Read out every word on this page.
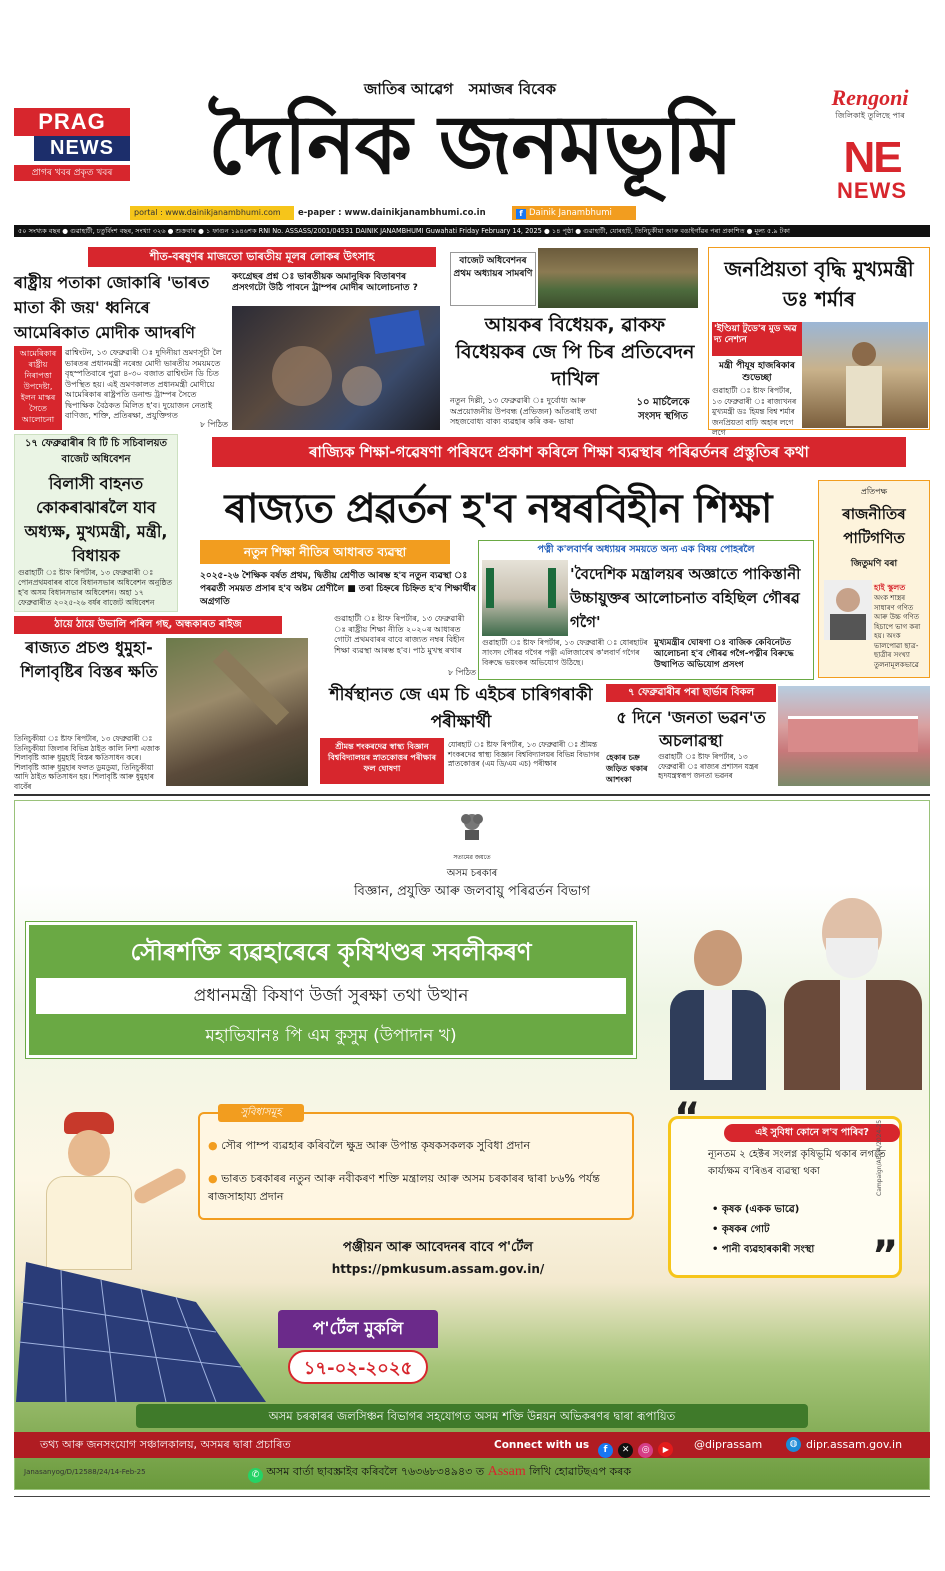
PRAG
NEWS
প্ৰাগৰ খবৰ প্ৰকৃত খবৰ
জাতিৰ আৱেগ   সমাজৰ বিবেক
দৈনিক জনমভূমি	Rengoni
জিলিকাই তুলিছে পাৰ
NE
NEWS
portal : www.dainikjanambhumi.com	e-paper : www.dainikjanambhumi.co.in	f Dainik Janambhumi
৫০ সংখ্যক বছৰ ● গুৱাহাটী, চতুৰ্বিংশ বছৰ, সংখ্যা ৩২৬ ● শুক্ৰবাৰ ● ১ ফাগুন ১৯৪৬শক RNI No. ASSASS/2001/04531 DAINIK JANAMBHUMI Guwahati Friday February 14, 2025 ● ১৪ পৃষ্ঠা ● গুৱাহাটী, যোৰহাট, তিনিচুকীয়া আৰু বঙাইগাঁৱৰ পৰা প্ৰকাশিত ● মূল্য ৫.৯ টকা
শীত-বৰষুণৰ মাজতো ভাৰতীয় মূলৰ লোকৰ উৎসাহ
ৰাষ্ট্ৰীয় পতাকা জোকাৰি 'ভাৰত মাতা কী জয়' ধ্বনিৰে আমেৰিকাত মোদীক আদৰণি
আমেৰিকাৰ ৰাষ্ট্ৰীয় নিৰাপত্তা উপদেষ্টা, ইলন মাস্কৰ সৈতে আলোচনা
ৱাশ্বিংটন, ১৩ ফেব্ৰুৱাৰী ঃ দুদিনীয়া ভ্ৰমণসূচী লৈ ভাৰতৰ প্ৰধানমন্ত্ৰী নৰেন্দ্ৰ মোদী ভাৰতীয় সময়মতে বৃহস্পতিবাৰে পুৱা ৪-৩০ বজাত ৱাশ্বিংটন ডি চিত উপস্থিত হয়। এই ভ্ৰমণকালত প্ৰধানমন্ত্ৰী মোদীয়ে আমেৰিকাৰ ৰাষ্ট্ৰপতি ডনাল্ড ট্ৰাম্পৰ সৈতে দ্বিপাক্ষিক বৈঠকত মিলিত হ'ব। দুয়োজন নেতাই বাণিজ্য, শক্তি, প্ৰতিৰক্ষা, প্ৰযুক্তিগত
৮ পিঠিত
কংগ্ৰেছৰ প্ৰশ্ন ঃ ভাৰতীয়ক অমানুষিক বিতাৰণৰ প্ৰসংগটো উঠি পাবনে ট্ৰাম্পৰ মোদীৰ আলোচনাত ?
বাজেট অধিবেশনৰ প্ৰথম অধ্যায়ৰ সামৰণি
আয়কৰ বিধেয়ক, ৱাকফ বিধেয়কৰ জে পি চিৰ প্ৰতিবেদন দাখিল
নতুন দিল্লী, ১৩ ফেব্ৰুৱাৰী ঃ দুৰ্বোধ্য আৰু অপ্ৰয়োজনীয় উপবন্ধ (প্ৰভিজন) আঁতৰাই তথা সহজবোধ্য বাক্য ব্যৱহাৰ কৰি কৰ- ভাষা
১০ মাৰ্চলৈকে সংসদ স্থগিত
জনপ্ৰিয়তা বৃদ্ধি মুখ্যমন্ত্ৰী ডঃ শৰ্মাৰ
'ইণ্ডিয়া টুডে'ৰ মুড অৱ দ্য নেশ্যন
মন্ত্ৰী পীযূষ হাজৰিকাৰ শুভেচ্ছা
গুৱাহাটী ঃ ষ্টাফ ৰিপৰ্টাৰ, ১৩ ফেব্ৰুৱাৰী ঃ ৰাজ্যখনৰ মুখ্যমন্ত্ৰী ডঃ হিমন্ত বিশ্ব শৰ্মাৰ জনপ্ৰিয়তা বাঢ়ি অহাৰ লগে লগে
ৰাজ্যিক শিক্ষা-গৱেষণা পৰিষদে প্ৰকাশ কৰিলে শিক্ষা ব্যৱস্থাৰ পৰিৱৰ্তনৰ প্ৰস্তুতিৰ কথা
ৰাজ্যত প্ৰৱৰ্তন হ'ব নম্বৰবিহীন শিক্ষা
নতুন শিক্ষা নীতিৰ আধাৰত ব্যৱস্থা
২০২৫-২৬ শৈক্ষিক বৰ্ষত প্ৰথম, দ্বিতীয় শ্ৰেণীত আৰম্ভ হ'ব নতুন ব্যৱস্থা ঃ পৰৱৰ্তী সময়ত প্ৰসাৰ হ'ব অষ্টম শ্ৰেণীলৈ ■ তৰা চিহ্নৰে চিহ্নিত হ'ব শিক্ষাৰ্থীৰ অগ্ৰগতি
গুৱাহাটী ঃ ষ্টাফ ৰিপৰ্টাৰ, ১৩ ফেব্ৰুৱাৰী ঃ ৰাষ্ট্ৰীয় শিক্ষা নীতি ২০২০ৰ আধাৰত গোটা প্ৰথমবাৰৰ বাবে ৰাজ্যত নম্বৰ বিহীন শিক্ষা ব্যৱস্থা আৰম্ভ হ'ব। পাঠ মুখস্থ ৰখাৰ
৮ পিঠিত
১৭ ফেব্ৰুৱাৰীৰ বি টি চি সচিবালয়ত বাজেট অধিবেশন
বিলাসী বাহনত কোকৰাঝাৰলৈ যাব অধ্যক্ষ, মুখ্যমন্ত্ৰী, মন্ত্ৰী, বিধায়ক
গুৱাহাটী ঃ ষ্টাফ ৰিপৰ্টাৰ, ১৩ ফেব্ৰুৱাৰী ঃ পোনপ্ৰথমবাৰৰ বাবে বিধানসভাৰ অধিবেশন অনুষ্ঠিত হ'ব অসম বিধানসভাৰ অধিবেশন। অহা ১৭ ফেব্ৰুৱাৰীত ২০২৫-২৬ বৰ্ষৰ বাজেট অধিবেশন
পত্নী ক'লবাৰ্ণৰ অধ্যায়ৰ সময়তে অন্য এক বিষয় পোহৰলৈ
'বৈদেশিক মন্ত্ৰালয়ৰ অজ্ঞাতে পাকিস্তানী উচ্চায়ুক্তৰ আলোচনাত বহিছিল গৌৰৱ গগৈ'
গুৱাহাটী ঃ ষ্টাফ ৰিপৰ্টাৰ, ১৩ ফেব্ৰুৱাৰী ঃ যোৰহাটৰ সাংসদ গৌৰৱ গগৈৰ পত্নী এলিজাবেথ ক'লবাৰ্ণ গগৈৰ বিৰুদ্ধে ভয়ংকৰ অভিযোগ উঠিছে।
মুখ্যমন্ত্ৰীৰ ঘোষণা ঃ বাজিক কেবিনেটত আলোচনা হ'ব গৌৰৱ গগৈ-পত্নীৰ বিৰুদ্ধে উত্থাপিত অভিযোগ প্ৰসংগ
প্ৰতিপক্ষ
ৰাজনীতিৰ পাটিগণিত
জিতুমণি বৰা
হাই স্কুলত
অংক শাস্ত্ৰৰ সাধাৰণ গণিত আৰু উচ্চ গণিত হিচাপে ভাগ কৰা হয়। অংক ভালপোৱা ছাত্ৰ-ছাত্ৰীৰ সংখ্যা তুলনামূলকভাৱে
ঠায়ে ঠায়ে উভালি পৰিল গছ, অন্ধকাৰত ৰাইজ
ৰাজ্যত প্ৰচণ্ড ধুমুহা-শিলাবৃষ্টিৰ বিস্তৰ ক্ষতি
তিনিচুকীয়া ঃ ষ্টাফ ৰিপৰ্টাৰ, ১৩ ফেব্ৰুৱাৰী ঃ তিনিচুকীয়া জিলাৰ বিভিন্ন ঠাইত কালি নিশা এজাক শিলাবৃষ্টি আৰু ধুমুহাই বিস্তৰ ক্ষতিসাধন কৰে। শিলাবৃষ্টি আৰু ধুমুহাৰ ফলত ডুমডুমা, তিনিচুকীয়া আদি ঠাইত ক্ষতিসাধন হয়। শিলাবৃষ্টি আৰু ধুমুহাৰ বাবেঁৰ
শীৰ্ষস্থানত জে এম চি এইচৰ চাৰিগৰাকী পৰীক্ষাৰ্থী
শ্ৰীমন্ত শংকৰদেৱ স্বাস্থ্য বিজ্ঞান বিশ্ববিদ্যালয়ৰ স্নাতকোত্তৰ পৰীক্ষাৰ ফল ঘোষণা
যোৰহাট ঃ ষ্টাফ ৰিপৰ্টাৰ, ১৩ ফেব্ৰুৱাৰী ঃ শ্ৰীমন্ত শংকৰদেৱ স্বাস্থ্য বিজ্ঞান বিশ্ববিদ্যালয়ৰ বিভিন্ন বিভাগৰ স্নাতকোত্তৰ (এম ডি/এম এচ) পৰীক্ষাৰ
৭ ফেব্ৰুৱাৰীৰ পৰা ছাৰ্ভাৰ বিকল
৫ দিনে 'জনতা ভৱন'ত অচলাৱস্থা
হেকাৰ চক্ৰ জড়িত থকাৰ আশংকা
গুৱাহাটী ঃ ষ্টাফ ৰিপৰ্টাৰ, ১৩ ফেব্ৰুৱাৰী ঃ ৰাজ্যৰ প্ৰশাসন যন্ত্ৰৰ হৃদযন্ত্ৰস্বৰূপ জনতা ভৱনৰ
সত্যমেৱ জয়তে
অসম চৰকাৰ
বিজ্ঞান, প্ৰযুক্তি আৰু জলবায়ু পৰিৱৰ্তন বিভাগ
সৌৰশক্তি ব্যৱহাৰেৰে কৃষিখণ্ডৰ সবলীকৰণ
প্ৰধানমন্ত্ৰী কিষাণ উৰ্জা সুৰক্ষা তথা উত্থান
মহাভিযানঃ পি এম কুসুম (উপাদান খ)
সুবিধাসমূহ
● সৌৰ পাম্প ব্যৱহাৰ কৰিবলৈ ক্ষুদ্ৰ আৰু উপান্ত কৃষকসকলক সুবিধা প্ৰদান
● ভাৰত চৰকাৰৰ নতুন আৰু নবীকৰণ শক্তি মন্ত্ৰালয় আৰু অসম চৰকাৰৰ দ্বাৰা ৮৬% পৰ্যন্ত ৰাজসাহায্য প্ৰদান
“
”
এই সুবিধা কোনে ল'ব পাৰিব?
ন্যূনতম ২ হেক্টৰ সংলগ্ন কৃষিভূমি থকাৰ লগতে কাৰ্য্যক্ষম ব'ৰিঙৰ ব্যৱস্থা থকা
• কৃষক (একক ভাৱে)
• কৃষকৰ গোট
• পানী ব্যৱহাৰকাৰী সংস্থা
Campaign/AEDA/2024-25
পঞ্জীয়ন আৰু আবেদনৰ বাবে প'ৰ্টেল
https://pmkusum.assam.gov.in/
প'ৰ্টেল মুকলি
১৭-০২-২০২৫
অসম চৰকাৰৰ জলসিঞ্চন বিভাগৰ সহযোগত অসম শক্তি উন্নয়ন অভিকৰণৰ দ্বাৰা ৰূপায়িত
তথ্য আৰু জনসংযোগ সঞ্চালকালয়, অসমৰ দ্বাৰা প্ৰচাৰিত	Connect with us	f ✕ ◎ ▶	@diprassam	◍ dipr.assam.gov.in
Janasanyog/D/12588/24/14-Feb-25	✆ অসম বাৰ্তা ছাবস্ক্ৰাইব কৰিবলৈ ৭৬৩৬৮৩৪৯৪৩ ত Assam লিখি হোৱাটছএপ কৰক
